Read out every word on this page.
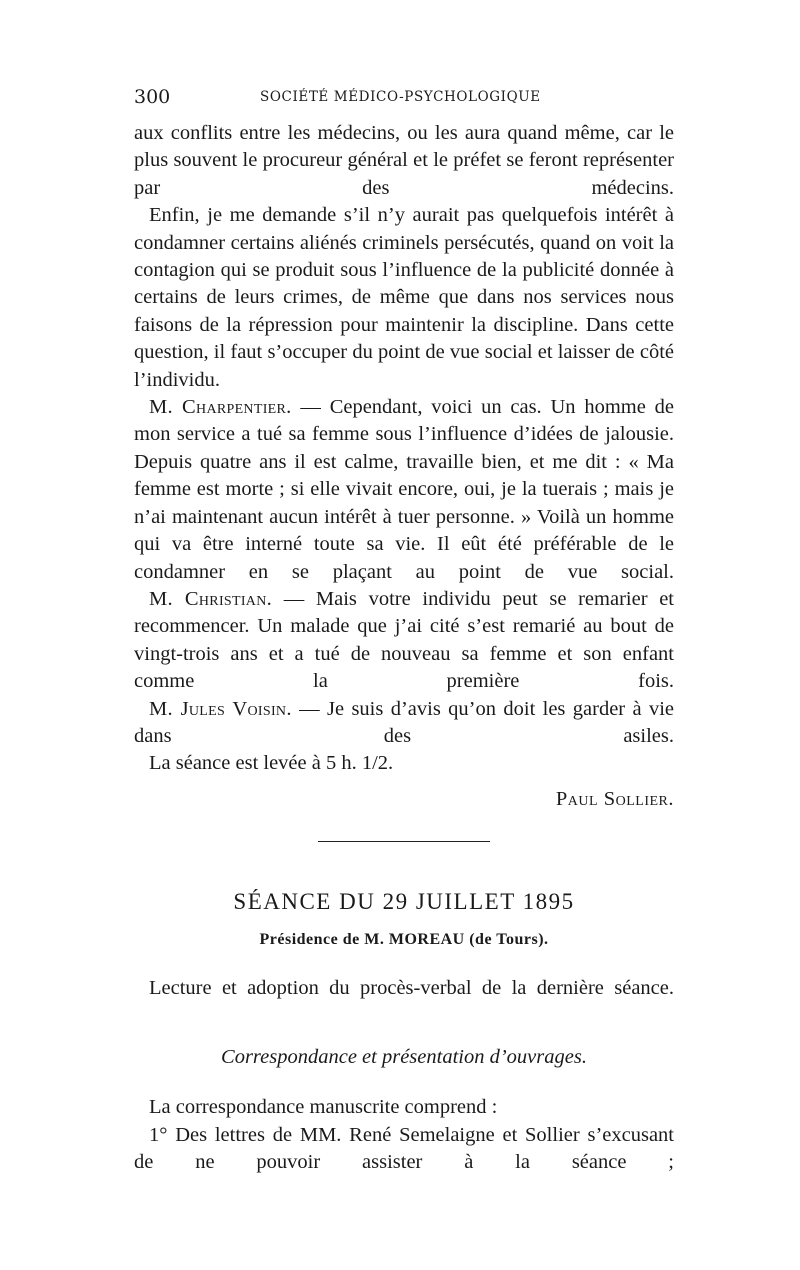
300	SOCIÉTÉ MÉDICO-PSYCHOLOGIQUE

aux conflits entre les médecins, ou les aura quand même, car le plus souvent le procureur général et le préfet se feront représenter par des médecins.

Enfin, je me demande s’il n’y aurait pas quelquefois intérêt à condamner certains aliénés criminels persécutés, quand on voit la contagion qui se produit sous l’influence de la publicité donnée à certains de leurs crimes, de même que dans nos services nous faisons de la répression pour maintenir la discipline. Dans cette question, il faut s’occuper du point de vue social et laisser de côté l’individu.

M. Charpentier. — Cependant, voici un cas. Un homme de mon service a tué sa femme sous l’influence d’idées de jalousie. Depuis quatre ans il est calme, travaille bien, et me dit : « Ma femme est morte ; si elle vivait encore, oui, je la tuerais ; mais je n’ai maintenant aucun intérêt à tuer personne. » Voilà un homme qui va être interné toute sa vie. Il eût été préférable de le condamner en se plaçant au point de vue social.

M. Christian. — Mais votre individu peut se remarier et recommencer. Un malade que j’ai cité s’est remarié au bout de vingt-trois ans et a tué de nouveau sa femme et son enfant comme la première fois.

M. Jules Voisin. — Je suis d’avis qu’on doit les garder à vie dans des asiles.

La séance est levée à 5 h. 1/2.

Paul Sollier.

SÉANCE DU 29 JUILLET 1895

Présidence de M. MOREAU (de Tours).

Lecture et adoption du procès-verbal de la dernière séance.

Correspondance et présentation d’ouvrages.

La correspondance manuscrite comprend :

1° Des lettres de MM. René Semelaigne et Sollier s’excusant de ne pouvoir assister à la séance ;
